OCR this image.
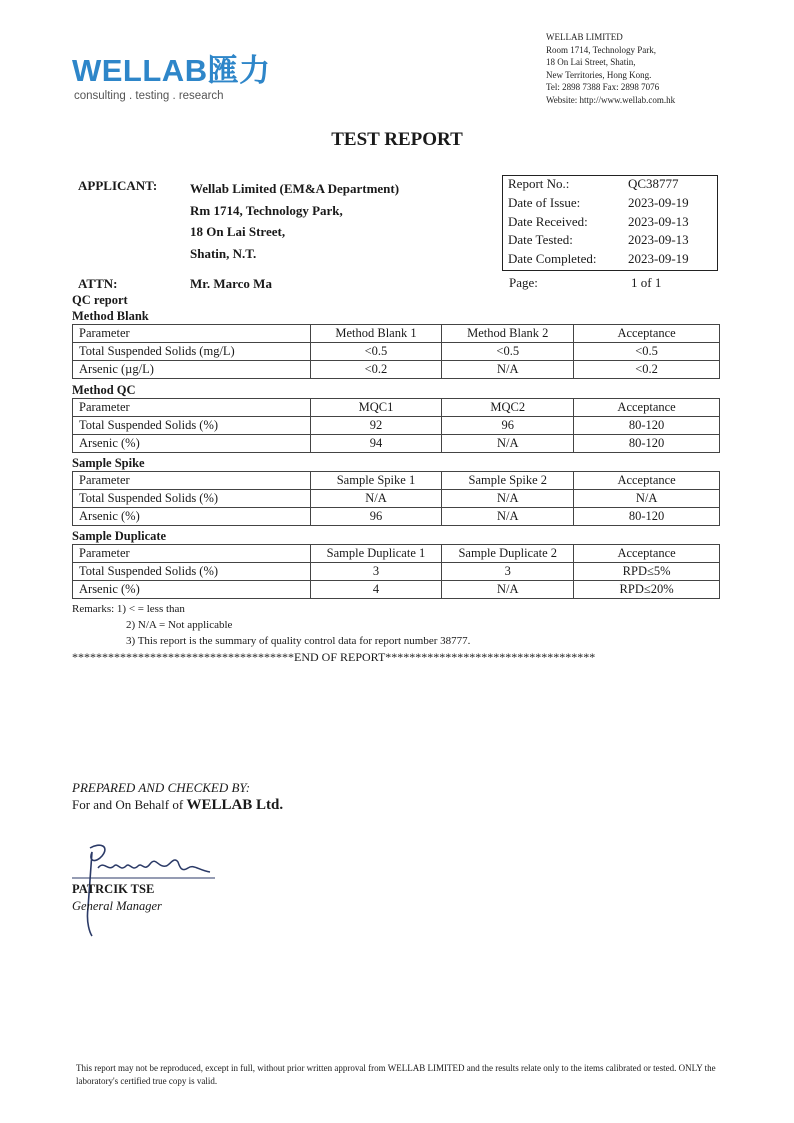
WELLAB匯力
consulting . testing . research
WELLAB LIMITED
Room 1714, Technology Park,
18 On Lai Street, Shatin,
New Territories, Hong Kong.
Tel: 2898 7388 Fax: 2898 7076
Website: http://www.wellab.com.hk
TEST REPORT
APPLICANT:	Wellab Limited (EM&A Department)
Rm 1714, Technology Park,
18 On Lai Street,
Shatin, N.T.
Report No.:	QC38777
Date of Issue:	2023-09-19
Date Received:	2023-09-13
Date Tested:	2023-09-13
Date Completed:	2023-09-19
ATTN:	Mr. Marco Ma	Page:	1 of 1
QC report
Method Blank
Parameter	Method Blank 1	Method Blank 2	Acceptance
Total Suspended Solids (mg/L)	<0.5	<0.5	<0.5
Arsenic (µg/L)	<0.2	N/A	<0.2
Method QC
Parameter	MQC1	MQC2	Acceptance
Total Suspended Solids (%)	92	96	80-120
Arsenic (%)	94	N/A	80-120
Sample Spike
Parameter	Sample Spike 1	Sample Spike 2	Acceptance
Total Suspended Solids (%)	N/A	N/A	N/A
Arsenic (%)	96	N/A	80-120
Sample Duplicate
Parameter	Sample Duplicate 1	Sample Duplicate 2	Acceptance
Total Suspended Solids (%)	3	3	RPD≤5%
Arsenic (%)	4	N/A	RPD≤20%
Remarks: 1) < = less than
2) N/A = Not applicable
3) This report is the summary of quality control data for report number 38777.
*************************************END OF REPORT***********************************
PREPARED AND CHECKED BY:
For and On Behalf of WELLAB Ltd.
PATRCIK TSE
General Manager
This report may not be reproduced, except in full, without prior written approval from WELLAB LIMITED and the results relate only to the items calibrated or tested. ONLY the laboratory's certified true copy is valid.
